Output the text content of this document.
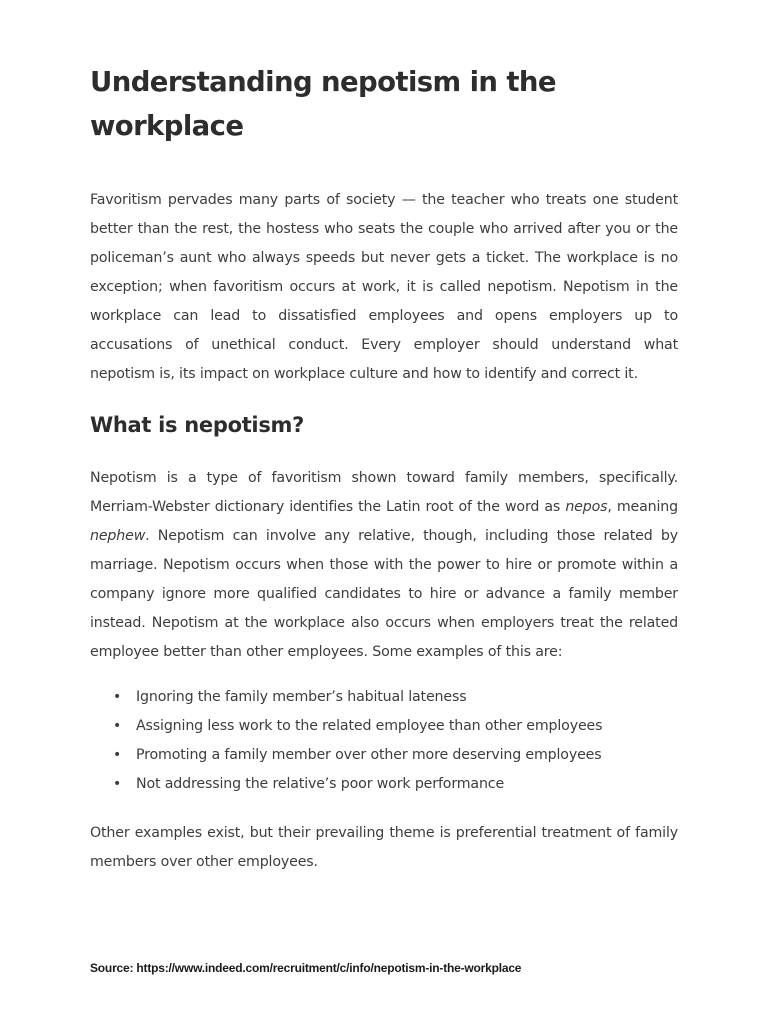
Understanding nepotism in the workplace

Favoritism pervades many parts of society — the teacher who treats one student better than the rest, the hostess who seats the couple who arrived after you or the policeman’s aunt who always speeds but never gets a ticket. The workplace is no exception; when favoritism occurs at work, it is called nepotism. Nepotism in the workplace can lead to dissatisfied employees and opens employers up to accusations of unethical conduct. Every employer should understand what nepotism is, its impact on workplace culture and how to identify and correct it.

What is nepotism?

Nepotism is a type of favoritism shown toward family members, specifically. Merriam-Webster dictionary identifies the Latin root of the word as nepos, meaning nephew. Nepotism can involve any relative, though, including those related by marriage. Nepotism occurs when those with the power to hire or promote within a company ignore more qualified candidates to hire or advance a family member instead. Nepotism at the workplace also occurs when employers treat the related employee better than other employees. Some examples of this are:

• Ignoring the family member’s habitual lateness
• Assigning less work to the related employee than other employees
• Promoting a family member over other more deserving employees
• Not addressing the relative’s poor work performance

Other examples exist, but their prevailing theme is preferential treatment of family members over other employees.

Source: https://www.indeed.com/recruitment/c/info/nepotism-in-the-workplace
